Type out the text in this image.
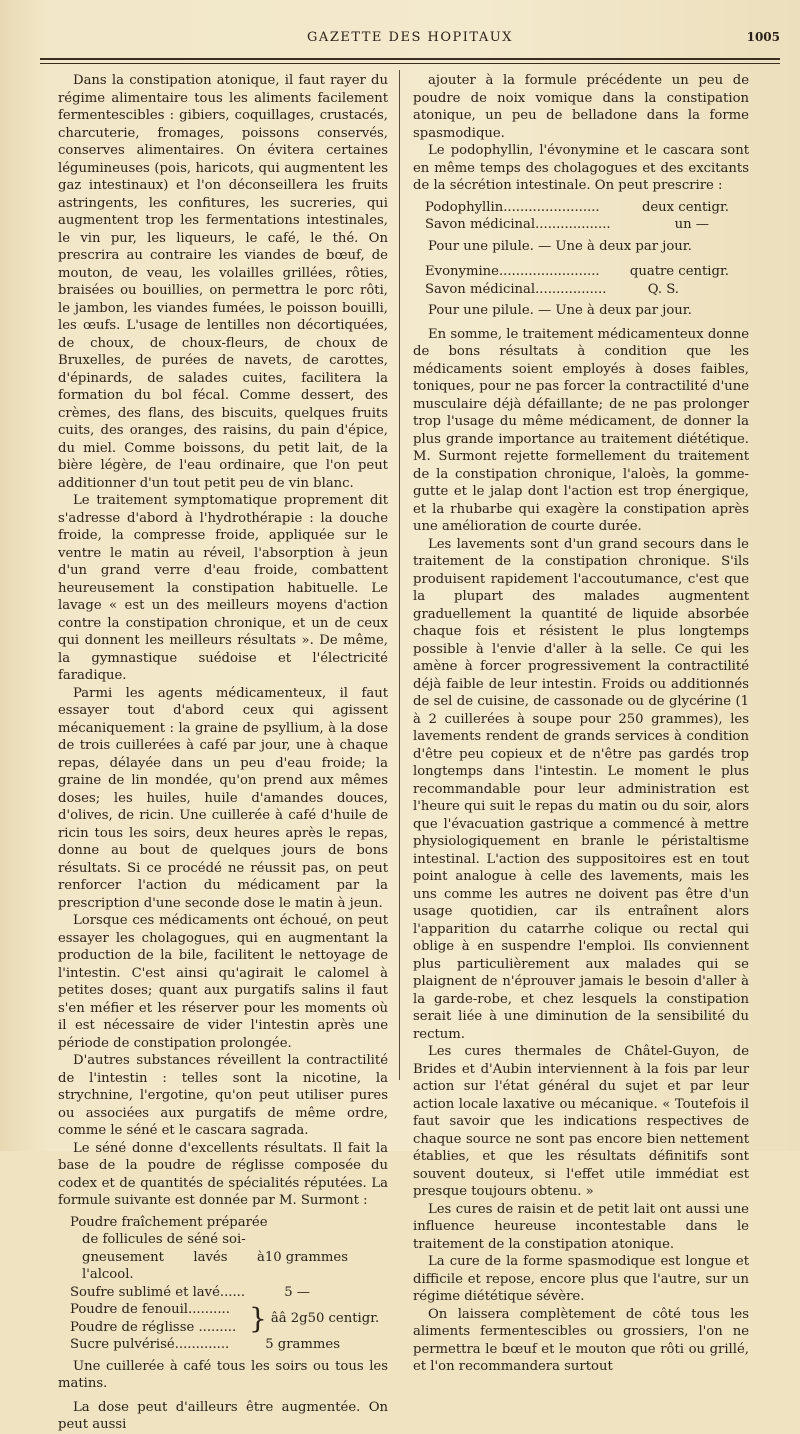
GAZETTE DES HOPITAUX	1005

Dans la constipation atonique, il faut rayer du régime alimentaire tous les aliments facilement fermentescibles : gibiers, coquillages, crustacés, charcuterie, fromages, poissons conservés, conserves alimentaires. On évitera certaines légumineuses (pois, haricots, qui augmentent les gaz intestinaux) et l'on déconseillera les fruits astringents, les confitures, les sucreries, qui augmentent trop les fermentations intestinales, le vin pur, les liqueurs, le café, le thé. On prescrira au contraire les viandes de bœuf, de mouton, de veau, les volailles grillées, rôties, braisées ou bouillies, on permettra le porc rôti, le jambon, les viandes fumées, le poisson bouilli, les œufs. L'usage de lentilles non décortiquées, de choux, de choux-fleurs, de choux de Bruxelles, de purées de navets, de carottes, d'épinards, de salades cuites, facilitera la formation du bol fécal. Comme dessert, des crèmes, des flans, des biscuits, quelques fruits cuits, des oranges, des raisins, du pain d'épice, du miel. Comme boissons, du petit lait, de la bière légère, de l'eau ordinaire, que l'on peut additionner d'un tout petit peu de vin blanc.

Le traitement symptomatique proprement dit s'adresse d'abord à l'hydrothérapie : la douche froide, la compresse froide, appliquée sur le ventre le matin au réveil, l'absorption à jeun d'un grand verre d'eau froide, combattent heureusement la constipation habituelle. Le lavage « est un des meilleurs moyens d'action contre la constipation chronique, et un de ceux qui donnent les meilleurs résultats ». De même, la gymnastique suédoise et l'électricité faradique.

Parmi les agents médicamenteux, il faut essayer tout d'abord ceux qui agissent mécaniquement : la graine de psyllium, à la dose de trois cuillerées à café par jour, une à chaque repas, délayée dans un peu d'eau froide; la graine de lin mondée, qu'on prend aux mêmes doses; les huiles, huile d'amandes douces, d'olives, de ricin. Une cuillerée à café d'huile de ricin tous les soirs, deux heures après le repas, donne au bout de quelques jours de bons résultats. Si ce procédé ne réussit pas, on peut renforcer l'action du médicament par la prescription d'une seconde dose le matin à jeun.

Lorsque ces médicaments ont échoué, on peut essayer les cholagogues, qui en augmentant la production de la bile, facilitent le nettoyage de l'intestin. C'est ainsi qu'agirait le calomel à petites doses; quant aux purgatifs salins il faut s'en méfier et les réserver pour les moments où il est nécessaire de vider l'intestin après une période de constipation prolongée.

D'autres substances réveillent la contractilité de l'intestin : telles sont la nicotine, la strychnine, l'ergotine, qu'on peut utiliser pures ou associées aux purgatifs de même ordre, comme le séné et le cascara sagrada.

Le séné donne d'excellents résultats. Il fait la base de la poudre de réglisse composée du codex et de quantités de spécialités réputées. La formule suivante est donnée par M. Surmont :

Poudre fraîchement préparée
de follicules de séné soi-
gneusement lavés à l'alcool.
10 grammes
Soufre sublimé et lavé......	5 —
Poudre de fenouil..........
Poudre de réglisse ......... } ââ 2g50 centigr.
Sucre pulvérisé.............	5 grammes

Une cuillerée à café tous les soirs ou tous les matins.

La dose peut d'ailleurs être augmentée. On peut aussi

ajouter à la formule précédente un peu de poudre de noix vomique dans la constipation atonique, un peu de belladone dans la forme spasmodique.

Le podophyllin, l'évonymine et le cascara sont en même temps des cholagogues et des excitants de la sécrétion intestinale. On peut prescrire :

Podophyllin.......................	deux centigr.
Savon médicinal..................	un —

Pour une pilule. — Une à deux par jour.

Evonymine........................	quatre centigr.
Savon médicinal.................	Q. S.

Pour une pilule. — Une à deux par jour.

En somme, le traitement médicamenteux donne de bons résultats à condition que les médicaments soient employés à doses faibles, toniques, pour ne pas forcer la contractilité d'une musculaire déjà défaillante; de ne pas prolonger trop l'usage du même médicament, de donner la plus grande importance au traitement diététique. M. Surmont rejette formellement du traitement de la constipation chronique, l'aloès, la gomme-gutte et le jalap dont l'action est trop énergique, et la rhubarbe qui exagère la constipation après une amélioration de courte durée.

Les lavements sont d'un grand secours dans le traitement de la constipation chronique. S'ils produisent rapidement l'accoutumance, c'est que la plupart des malades augmentent graduellement la quantité de liquide absorbée chaque fois et résistent le plus longtemps possible à l'envie d'aller à la selle. Ce qui les amène à forcer progressivement la contractilité déjà faible de leur intestin. Froids ou additionnés de sel de cuisine, de cassonade ou de glycérine (1 à 2 cuillerées à soupe pour 250 grammes), les lavements rendent de grands services à condition d'être peu copieux et de n'être pas gardés trop longtemps dans l'intestin. Le moment le plus recommandable pour leur administration est l'heure qui suit le repas du matin ou du soir, alors que l'évacuation gastrique a commencé à mettre physiologiquement en branle le péristaltisme intestinal. L'action des suppositoires est en tout point analogue à celle des lavements, mais les uns comme les autres ne doivent pas être d'un usage quotidien, car ils entraînent alors l'apparition du catarrhe colique ou rectal qui oblige à en suspendre l'emploi. Ils conviennent plus particulièrement aux malades qui se plaignent de n'éprouver jamais le besoin d'aller à la garde-robe, et chez lesquels la constipation serait liée à une diminution de la sensibilité du rectum.

Les cures thermales de Châtel-Guyon, de Brides et d'Aubin interviennent à la fois par leur action sur l'état général du sujet et par leur action locale laxative ou mécanique. « Toutefois il faut savoir que les indications respectives de chaque source ne sont pas encore bien nettement établies, et que les résultats définitifs sont souvent douteux, si l'effet utile immédiat est presque toujours obtenu. »

Les cures de raisin et de petit lait ont aussi une influence heureuse incontestable dans le traitement de la constipation atonique.

La cure de la forme spasmodique est longue et difficile et repose, encore plus que l'autre, sur un régime diététique sévère.

On laissera complètement de côté tous les aliments fermentescibles ou grossiers, l'on ne permettra le bœuf et le mouton que rôti ou grillé, et l'on recommandera surtout
